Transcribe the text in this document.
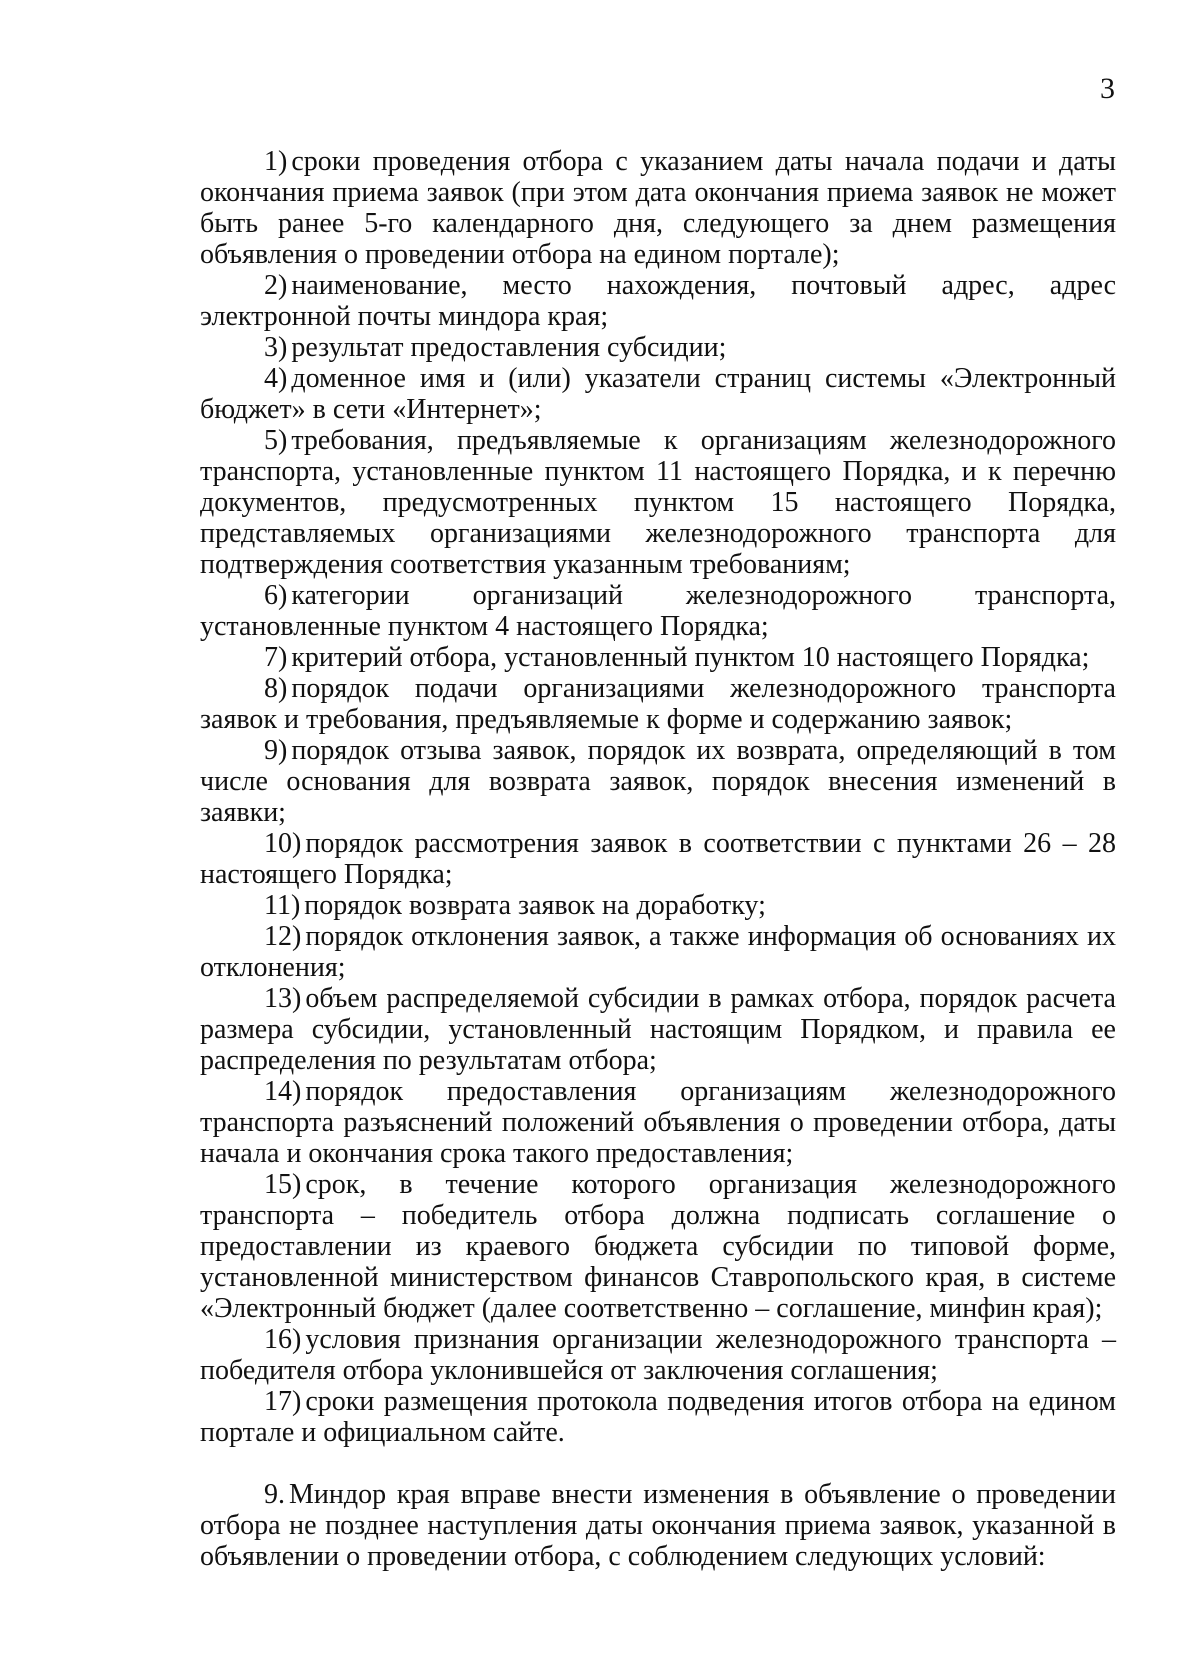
3

1) сроки проведения отбора с указанием даты начала подачи и даты окончания приема заявок (при этом дата окончания приема заявок не может быть ранее 5-го календарного дня, следующего за днем размещения объявления о проведении отбора на едином портале);

2) наименование, место нахождения, почтовый адрес, адрес электронной почты миндора края;

3) результат предоставления субсидии;

4) доменное имя и (или) указатели страниц системы «Электронный бюджет» в сети «Интернет»;

5) требования, предъявляемые к организациям железнодорожного транспорта, установленные пунктом 11 настоящего Порядка, и к перечню документов, предусмотренных пунктом 15 настоящего Порядка, представляемых организациями железнодорожного транспорта для подтверждения соответствия указанным требованиям;

6) категории организаций железнодорожного транспорта, установленные пунктом 4 настоящего Порядка;

7) критерий отбора, установленный пунктом 10 настоящего Порядка;

8) порядок подачи организациями железнодорожного транспорта заявок и требования, предъявляемые к форме и содержанию заявок;

9) порядок отзыва заявок, порядок их возврата, определяющий в том числе основания для возврата заявок, порядок внесения изменений в заявки;

10) порядок рассмотрения заявок в соответствии с пунктами 26 – 28 настоящего Порядка;

11) порядок возврата заявок на доработку;

12) порядок отклонения заявок, а также информация об основаниях их отклонения;

13) объем распределяемой субсидии в рамках отбора, порядок расчета размера субсидии, установленный настоящим Порядком, и правила ее распределения по результатам отбора;

14) порядок предоставления организациям железнодорожного транспорта разъяснений положений объявления о проведении отбора, даты начала и окончания срока такого предоставления;

15) срок, в течение которого организация железнодорожного транспорта – победитель отбора должна подписать соглашение о предоставлении из краевого бюджета субсидии по типовой форме, установленной министерством финансов Ставропольского края, в системе «Электронный бюджет (далее соответственно – соглашение, минфин края);

16) условия признания организации железнодорожного транспорта – победителя отбора уклонившейся от заключения соглашения;

17) сроки размещения протокола подведения итогов отбора на едином портале и официальном сайте.

9. Миндор края вправе внести изменения в объявление о проведении отбора не позднее наступления даты окончания приема заявок, указанной в объявлении о проведении отбора, с соблюдением следующих условий:
